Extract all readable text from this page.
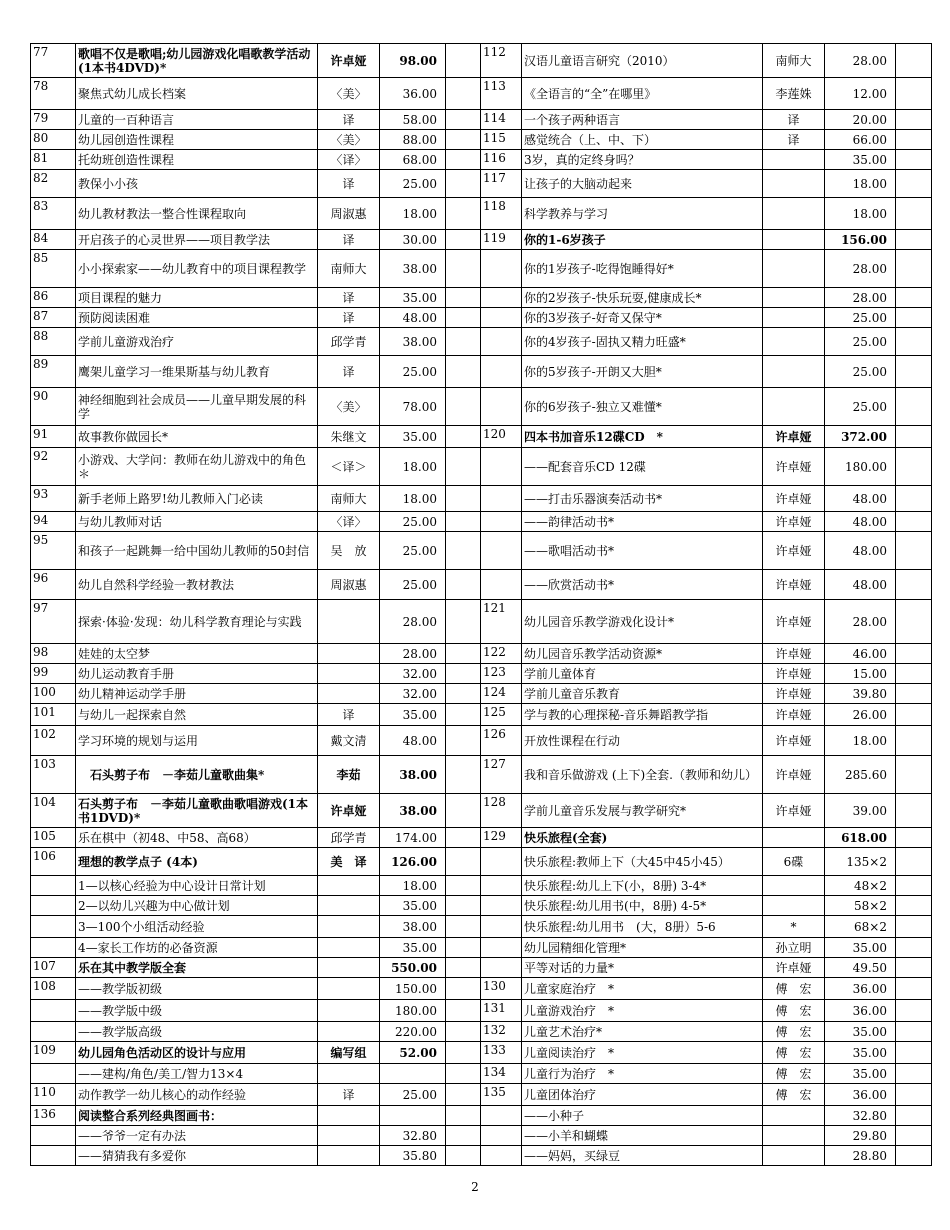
77	歌唱不仅是歌唱;幼儿园游戏化唱歌教学活动(1本书4DVD)*	许卓娅	98.00		112	汉语儿童语言研究（2010）	南师大	28.00	
78	聚焦式幼儿成长档案	〈美〉	36.00		113	《全语言的“全”在哪里》	李莲姝	12.00	
79	儿童的一百种语言	译	58.00		114	一个孩子两种语言	译	20.00	
80	幼儿园创造性课程	〈美〉	88.00		115	感觉统合（上、中、下）	译	66.00	
81	托幼班创造性课程	〈译〉	68.00		116	3岁，真的定终身吗？		35.00	
82	教保小小孩	译	25.00		117	让孩子的大脑动起来		18.00	
83	幼儿教材教法一整合性课程取向	周淑惠	18.00		118	科学教养与学习		18.00	
84	开启孩子的心灵世界——项目教学法	译	30.00		119	你的1-6岁孩子		156.00	
85	小小探索家——幼儿教育中的项目课程教学	南师大	38.00			你的1岁孩子-吃得饱睡得好*		28.00	
86	项目课程的魅力	译	35.00			你的2岁孩子-快乐玩耍,健康成长*		28.00	
87	预防阅读困难	译	48.00			你的3岁孩子-好奇又保守*		25.00	
88	学前儿童游戏治疗	邱学青	38.00			你的4岁孩子-固执又精力旺盛*		25.00	
89	鹰架儿童学习一维果斯基与幼儿教育	译	25.00			你的5岁孩子-开朗又大胆*		25.00	
90	神经细胞到社会成员——儿童早期发展的科学	〈美〉	78.00			你的6岁孩子-独立又难懂*		25.00	
91	故事教你做园长*	朱继文	35.00		120	四本书加音乐12碟CD　*	许卓娅	372.00	
92	小游戏、大学问：教师在幼儿游戏中的角色＊	＜译＞	18.00			——配套音乐CD 12碟	许卓娅	180.00	
93	新手老师上路罗!幼儿教师入门必读	南师大	18.00			——打击乐器演奏活动书*	许卓娅	48.00	
94	与幼儿教师对话	〈译〉	25.00			——韵律活动书*	许卓娅	48.00	
95	和孩子一起跳舞一给中国幼儿教师的50封信	吴　放	25.00			——歌唱活动书*	许卓娅	48.00	
96	幼儿自然科学经验一教材教法	周淑惠	25.00			——欣赏活动书*	许卓娅	48.00	
97	探索·体验·发现：幼儿科学教育理论与实践		28.00		121	幼儿园音乐教学游戏化设计*	许卓娅	28.00	
98	娃娃的太空梦		28.00		122	幼儿园音乐教学活动资源*	许卓娅	46.00	
99	幼儿运动教育手册		32.00		123	学前儿童体育	许卓娅	15.00	
100	幼儿精神运动学手册		32.00		124	学前儿童音乐教育	许卓娅	39.80	
101	与幼儿一起探索自然	译	35.00		125	学与教的心理探秘-音乐舞蹈教学指	许卓娅	26.00	
102	学习环境的规划与运用	戴文清	48.00		126	开放性课程在行动	许卓娅	18.00	
103	　石头剪子布　－李茹儿童歌曲集*	李茹	38.00		127	我和音乐做游戏 (上下)全套.（教师和幼儿）	许卓娅	285.60	
104	石头剪子布　－李茹儿童歌曲歌唱游戏(1本书1DVD)*	许卓娅	38.00		128	学前儿童音乐发展与教学研究*	许卓娅	39.00	
105	乐在棋中（初48、中58、高68）	邱学青	174.00		129	快乐旅程(全套)		618.00	
106	理想的教学点子 (4本)	美　译	126.00			快乐旅程:教师上下（大45中45小45）	6碟	135×2	
	1—以核心经验为中心设计日常计划		18.00			快乐旅程:幼儿上下(小，8册) 3-4*		48×2	
	2—以幼儿兴趣为中心做计划		35.00			快乐旅程:幼儿用书(中，8册) 4-5*		58×2	
	3—100个小组活动经验		38.00			快乐旅程:幼儿用书　(大，8册）5-6	*	68×2	
	4—家长工作坊的必备资源		35.00			幼儿园精细化管理*	孙立明	35.00	
107	乐在其中教学版全套		550.00			平等对话的力量*	许卓娅	49.50	
108	——教学版初级		150.00		130	儿童家庭治疗　*	傅　宏	36.00	
	——教学版中级		180.00		131	儿童游戏治疗　*	傅　宏	36.00	
	——教学版高级		220.00		132	儿童艺术治疗*	傅　宏	35.00	
109	幼儿园角色活动区的设计与应用	编写组	52.00		133	儿童阅读治疗　*	傅　宏	35.00	
	——建构/角色/美工/智力13×4				134	儿童行为治疗　*	傅　宏	35.00	
110	动作教学一幼儿核心的动作经验	译	25.00		135	儿童团体治疗	傅　宏	36.00	
136	阅读整合系列经典图画书：					——小种子		32.80	
	——爷爷一定有办法		32.80			——小羊和蝴蝶		29.80	
	——猜猜我有多爱你		35.80			——妈妈，买绿豆		28.80	
2
